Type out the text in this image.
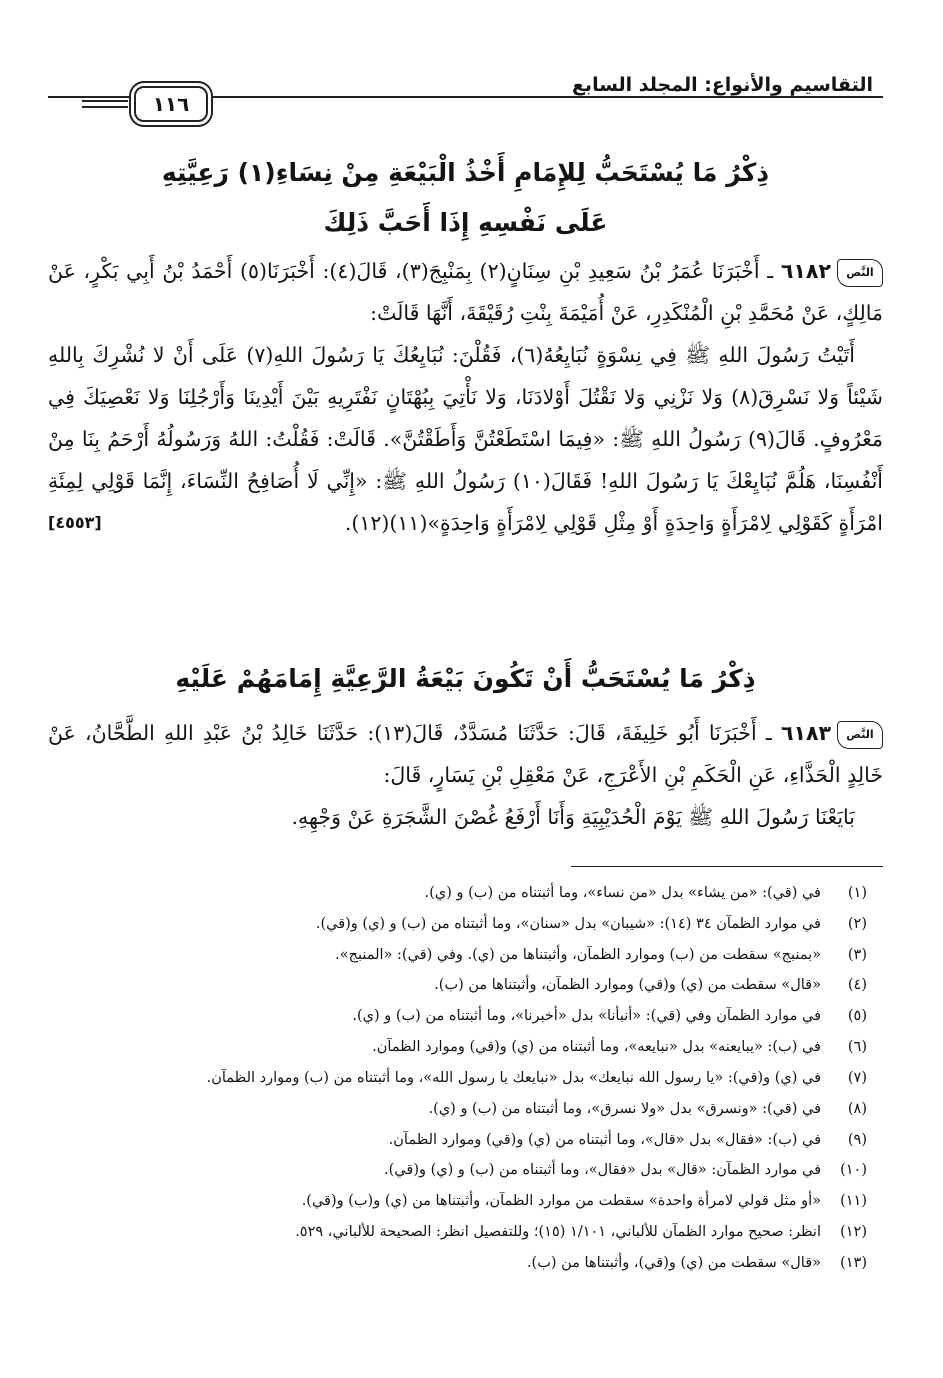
التقاسيم والأنواع: المجلد السابع
١١٦
ذِكْرُ مَا يُسْتَحَبُّ لِلإِمَامِ أَخْذُ الْبَيْعَةِ مِنْ نِسَاءِ(١) رَعِيَّتِهِ
عَلَى نَفْسِهِ إِذَا أَحَبَّ ذَلِكَ

النَّص٦١٨٢ ـ أَخْبَرَنَا عُمَرُ بْنُ سَعِيدِ بْنِ سِنَانٍ(٢) بِمَنْبِجَ(٣)، قَالَ(٤): أَخْبَرَنَا(٥) أَحْمَدُ بْنُ أَبِي بَكْرٍ، عَنْ مَالِكٍ، عَنْ مُحَمَّدِ بْنِ الْمُنْكَدِرِ، عَنْ أُمَيْمَةَ بِنْتِ رُقَيْقَةَ، أَنَّهَا قَالَتْ:

أَتَيْتُ رَسُولَ اللهِ ﷺ فِي نِسْوَةٍ نُبَايِعُهُ(٦)، فَقُلْنَ: نُبَايِعُكَ يَا رَسُولَ اللهِ(٧) عَلَى أَنْ لا نُشْرِكَ بِاللهِ شَيْئاً وَلا نَسْرِقَ(٨) وَلا نَزْنِي وَلا نَقْتُلَ أَوْلادَنَا، وَلا نَأْتِيَ بِبُهْتَانٍ نَفْتَرِيهِ بَيْنَ أَيْدِينَا وَأَرْجُلِنَا وَلا نَعْصِيَكَ فِي مَعْرُوفٍ. قَالَ(٩) رَسُولُ اللهِ ﷺ: «فِيمَا اسْتَطَعْتُنَّ وَأَطَقْتُنَّ». قَالَتْ: فَقُلْتُ: اللهُ وَرَسُولُهُ أَرْحَمُ بِنَا مِنْ أَنْفُسِنَا، هَلُمَّ نُبَايِعْكَ يَا رَسُولَ اللهِ! فَقَالَ(١٠) رَسُولُ اللهِ ﷺ: «إِنِّي لَا أُصَافِحُ النِّسَاءَ، إِنَّمَا قَوْلِي لِمِئَةِ امْرَأَةٍ كَقَوْلِي لِامْرَأَةٍ وَاحِدَةٍ أَوْ مِثْلِ قَوْلِي لِامْرَأَةٍ وَاحِدَةٍ»(١١)(١٢).
[٤٥٥٣]

ذِكْرُ مَا يُسْتَحَبُّ أَنْ تَكُونَ بَيْعَةُ الرَّعِيَّةِ إِمَامَهُمْ عَلَيْهِ

النَّص٦١٨٣ ـ أَخْبَرَنَا أَبُو خَلِيفَةَ، قَالَ: حَدَّثَنَا مُسَدَّدٌ، قَالَ(١٣): حَدَّثَنَا خَالِدُ بْنُ عَبْدِ اللهِ الطَّحَّانُ، عَنْ خَالِدٍ الْحَذَّاءِ، عَنِ الْحَكَمِ بْنِ الأَعْرَجِ، عَنْ مَعْقِلِ بْنِ يَسَارٍ، قَالَ:

بَايَعْنَا رَسُولَ اللهِ ﷺ يَوْمَ الْحُدَيْبِيَةِ وَأَنَا أَرْفَعُ غُصْنَ الشَّجَرَةِ عَنْ وَجْهِهِ.

(١)
في (قي): «من يشاء» بدل «من نساء»، وما أثبتناه من (ب) و (ي).
(٢)
في موارد الظمآن ٣٤ (١٤): «شيبان» بدل «سنان»، وما أثبتناه من (ب) و (ي) و(قي).
(٣)
«بمنبج» سقطت من (ب) وموارد الظمآن، وأثبتناها من (ي). وفي (قي): «المنبج».
(٤)
«قال» سقطت من (ي) و(قي) وموارد الظمآن، وأثبتناها من (ب).
(٥)
في موارد الظمآن وفي (قي): «أنبأنا» بدل «أخبرنا»، وما أثبتناه من (ب) و (ي).
(٦)
في (ب): «يبايعنه» بدل «نبايعه»، وما أثبتناه من (ي) و(قي) وموارد الظمآن.
(٧)
في (ي) و(قي): «يا رسول الله نبايعك» بدل «نبايعك يا رسول الله»، وما أثبتناه من (ب) وموارد الظمآن.
(٨)
في (قي): «ونسرق» بدل «ولا نسرق»، وما أثبتناه من (ب) و (ي).
(٩)
في (ب): «فقال» بدل «قال»، وما أثبتناه من (ي) و(قي) وموارد الظمآن.
(١٠)
في موارد الظمآن: «قال» بدل «فقال»، وما أثبتناه من (ب) و (ي) و(قي).
(١١)
«أو مثل قولي لامرأة واحدة» سقطت من موارد الظمآن، وأثبتناها من (ي) و(ب) و(قي).
(١٢)
انظر: صحيح موارد الظمآن للألباني، ١/١٠١ (١٥)؛ وللتفصيل انظر: الصحيحة للألباني، ٥٢٩.
(١٣)
«قال» سقطت من (ي) و(قي)، وأثبتناها من (ب).
